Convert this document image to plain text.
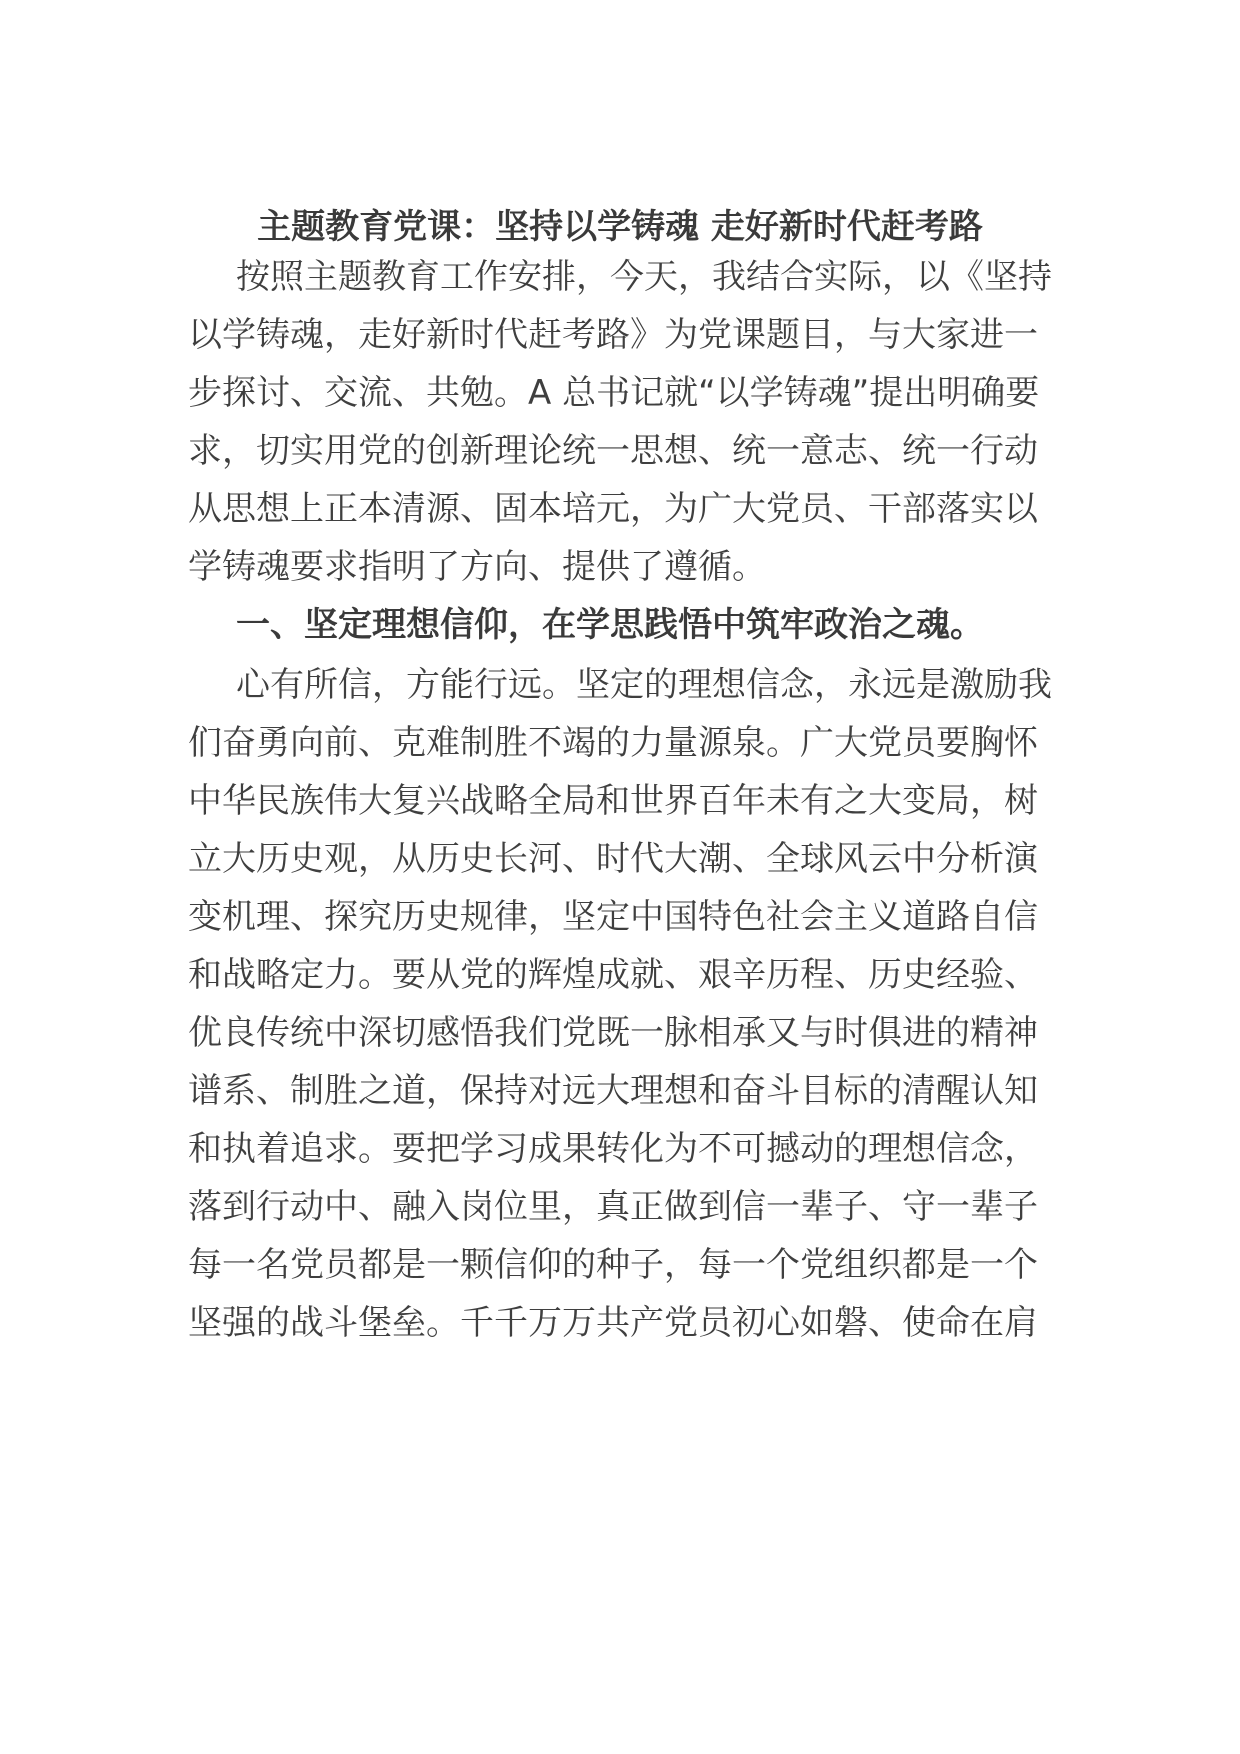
主题教育党课：坚持以学铸魂 走好新时代赶考路
按照主题教育工作安排，今天，我结合实际，以《坚持
以学铸魂，走好新时代赶考路》为党课题目，与大家进一
步探讨、交流、共勉。A 总书记就“以学铸魂”提出明确要
求，切实用党的创新理论统一思想、统一意志、统一行动
从思想上正本清源、固本培元，为广大党员、干部落实以
学铸魂要求指明了方向、提供了遵循。
一、坚定理想信仰，在学思践悟中筑牢政治之魂。
心有所信，方能行远。坚定的理想信念，永远是激励我
们奋勇向前、克难制胜不竭的力量源泉。广大党员要胸怀
中华民族伟大复兴战略全局和世界百年未有之大变局，树
立大历史观，从历史长河、时代大潮、全球风云中分析演
变机理、探究历史规律，坚定中国特色社会主义道路自信
和战略定力。要从党的辉煌成就、艰辛历程、历史经验、
优良传统中深切感悟我们党既一脉相承又与时俱进的精神
谱系、制胜之道，保持对远大理想和奋斗目标的清醒认知
和执着追求。要把学习成果转化为不可撼动的理想信念，
落到行动中、融入岗位里，真正做到信一辈子、守一辈子
每一名党员都是一颗信仰的种子，每一个党组织都是一个
坚强的战斗堡垒。千千万万共产党员初心如磐、使命在肩
